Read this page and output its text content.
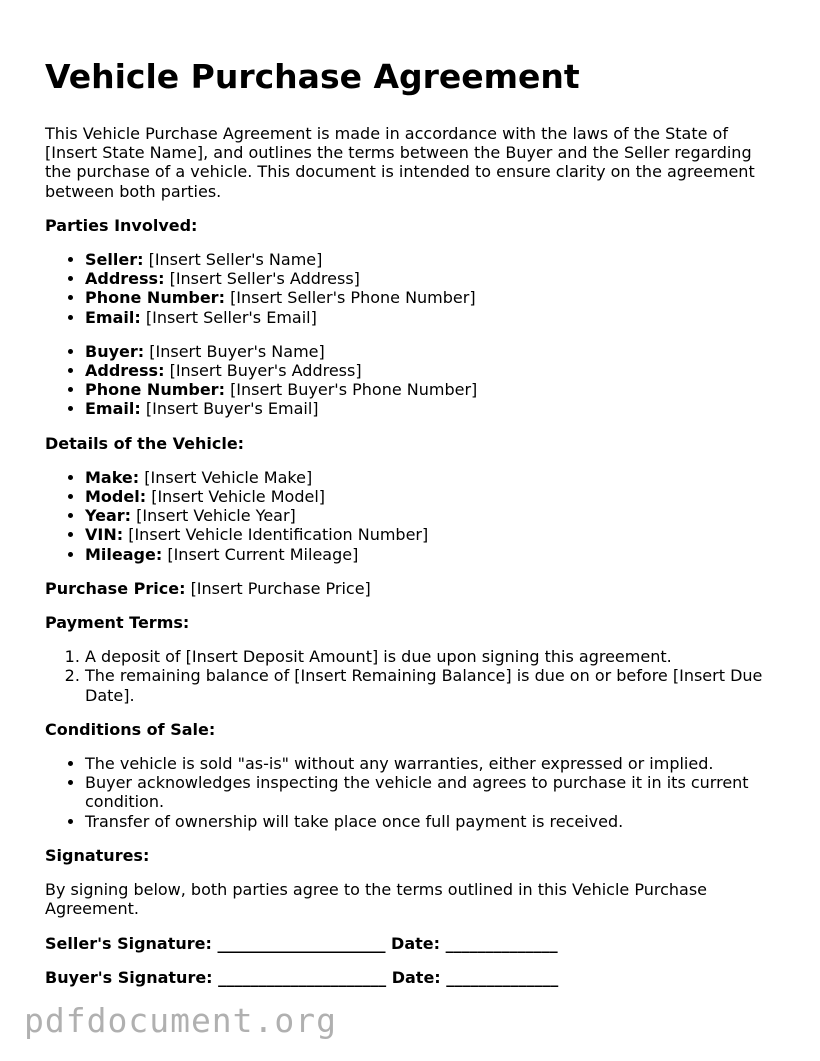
Vehicle Purchase Agreement

This Vehicle Purchase Agreement is made in accordance with the laws of the State of [Insert State Name], and outlines the terms between the Buyer and the Seller regarding the purchase of a vehicle. This document is intended to ensure clarity on the agreement between both parties.

Parties Involved:

• Seller: [Insert Seller's Name]
• Address: [Insert Seller's Address]
• Phone Number: [Insert Seller's Phone Number]
• Email: [Insert Seller's Email]
• Buyer: [Insert Buyer's Name]
• Address: [Insert Buyer's Address]
• Phone Number: [Insert Buyer's Phone Number]
• Email: [Insert Buyer's Email]

Details of the Vehicle:

• Make: [Insert Vehicle Make]
• Model: [Insert Vehicle Model]
• Year: [Insert Vehicle Year]
• VIN: [Insert Vehicle Identification Number]
• Mileage: [Insert Current Mileage]

Purchase Price: [Insert Purchase Price]

Payment Terms:

1. A deposit of [Insert Deposit Amount] is due upon signing this agreement.
2. The remaining balance of [Insert Remaining Balance] is due on or before [Insert Due Date].

Conditions of Sale:

• The vehicle is sold "as-is" without any warranties, either expressed or implied.
• Buyer acknowledges inspecting the vehicle and agrees to purchase it in its current condition.
• Transfer of ownership will take place once full payment is received.

Signatures:

By signing below, both parties agree to the terms outlined in this Vehicle Purchase Agreement.

Seller's Signature: _____________________ Date: ______________

Buyer's Signature: _____________________ Date: ______________

pdfdocument.org
